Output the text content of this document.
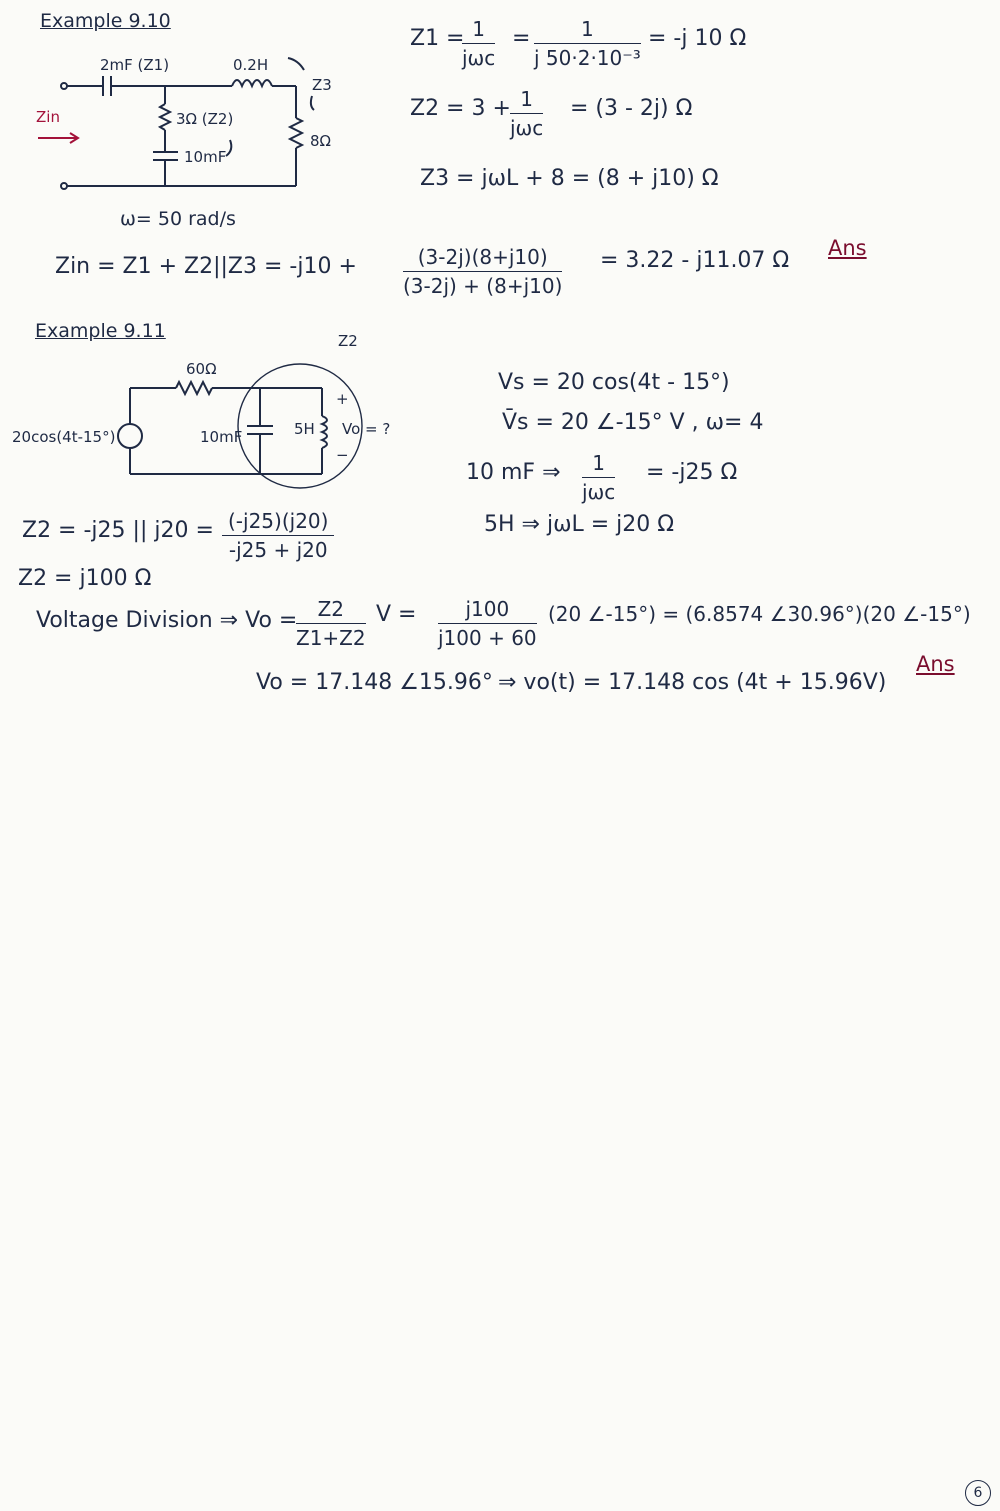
Example 9.10
2mF (Z1)	0.2H
Z3
8Ω
3Ω (Z2)
10mF
Zin
ω= 50 rad/s
Z1 = 1
jωc
= $\frac{1}{\text{j 50·2·10⁻³}} = -j$ 10 Ω
Z2 = 3 + 1
jωc
= (3 - 2j) Ω
Z3 = jωL + 8 = (8 + j10) Ω
Zin = $Z1 + Z2||Z3 = -j10 + \frac{(3-2j)(8+j10)}{(3-2j) + (8+j10)} = 3.22 - j11.07$ Ω Ans
Example 9.11	Z2
60Ω
20cos(4t-15°)	10mF	5H Vo = ?
+
−
Vs = 20 cos(4t - 15°)
V̄s = 20 ∠-15° V , ω= 4
10 mF ⇒	1
jωc
= -j25 Ω
5H ⇒ jωL = j20 Ω
Z2 = -j25 || $j20 = \frac{(-j25)(j20)}{-j25 + j20}$
Z2 = j100 Ω
Voltage Division ⇒ Vo =
$\frac{Z2}{Z1+Z2}$ $V = \frac{j100}{j100 + 60} (20$ ∠-15°) = (6.8574 ∠30.96°)(20 ∠-15°)
Vo = 17.148 ∠15.96° ⇒ vo(t) = 17.148 cos (4t + 15.96V)
Ans
6
